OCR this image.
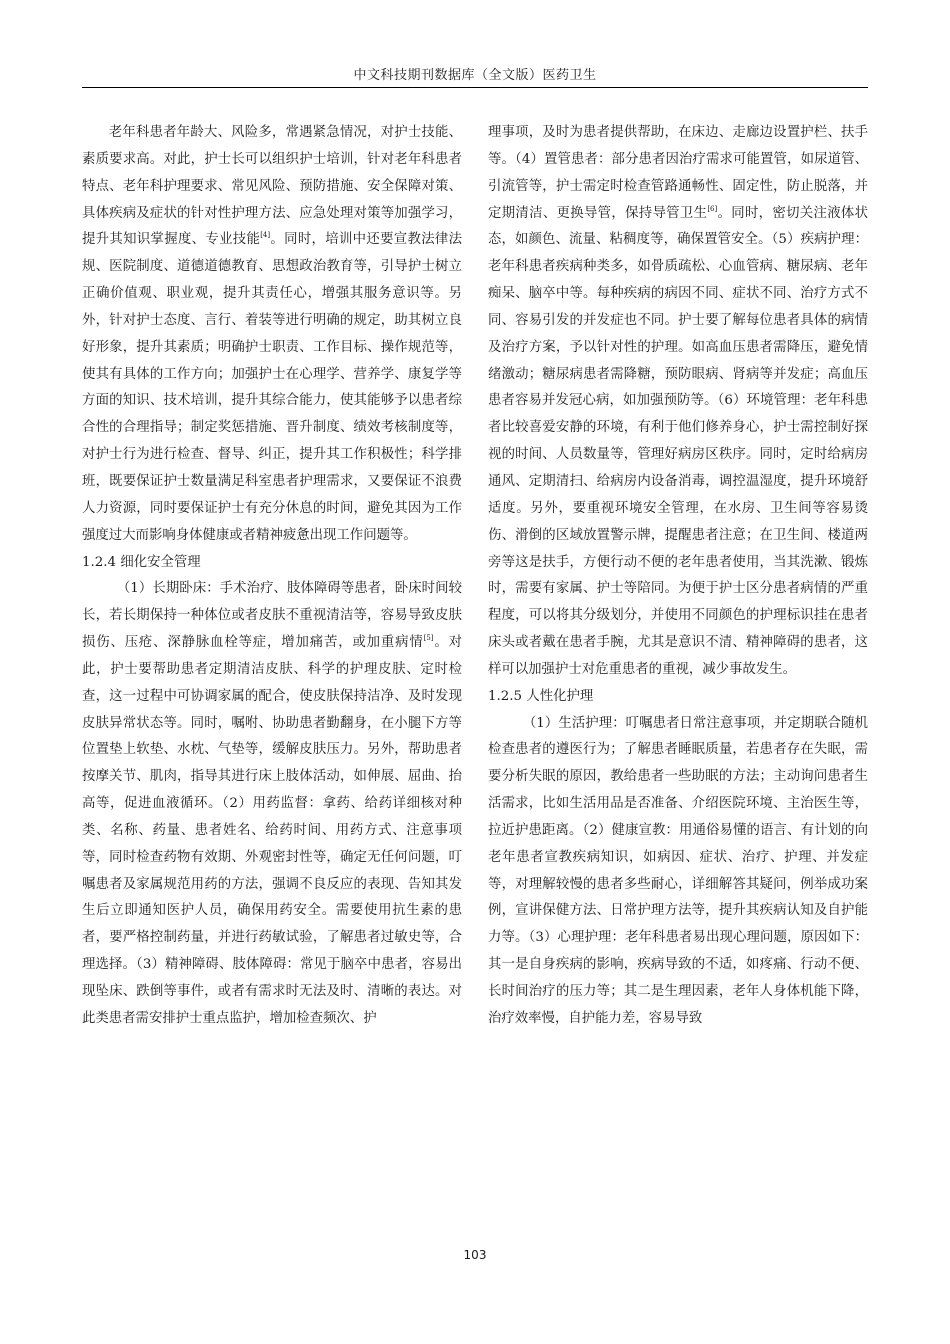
中文科技期刊数据库（全文版）医药卫生

老年科患者年龄大、风险多，常遇紧急情况，对护士技能、素质要求高。对此，护士长可以组织护士培训，针对老年科患者特点、老年科护理要求、常见风险、预防措施、安全保障对策、具体疾病及症状的针对性护理方法、应急处理对策等加强学习，提升其知识掌握度、专业技能[4]。同时，培训中还要宣教法律法规、医院制度、道德道德教育、思想政治教育等，引导护士树立正确价值观、职业观，提升其责任心，增强其服务意识等。另外，针对护士态度、言行、着装等进行明确的规定，助其树立良好形象，提升其素质；明确护士职责、工作目标、操作规范等，使其有具体的工作方向；加强护士在心理学、营养学、康复学等方面的知识、技术培训，提升其综合能力，使其能够予以患者综合性的合理指导；制定奖惩措施、晋升制度、绩效考核制度等，对护士行为进行检查、督导、纠正，提升其工作积极性；科学排班，既要保证护士数量满足科室患者护理需求，又要保证不浪费人力资源，同时要保证护士有充分休息的时间，避免其因为工作强度过大而影响身体健康或者精神疲惫出现工作问题等。

1.2.4 细化安全管理

（1）长期卧床：手术治疗、肢体障碍等患者，卧床时间较长，若长期保持一种体位或者皮肤不重视清洁等，容易导致皮肤损伤、压疮、深静脉血栓等症，增加痛苦，或加重病情[5]。对此，护士要帮助患者定期清洁皮肤、科学的护理皮肤、定时检查，这一过程中可协调家属的配合，使皮肤保持洁净、及时发现皮肤异常状态等。同时，嘱咐、协助患者勤翻身，在小腿下方等位置垫上软垫、水枕、气垫等，缓解皮肤压力。另外，帮助患者按摩关节、肌肉，指导其进行床上肢体活动，如伸展、屈曲、抬高等，促进血液循环。（2）用药监督：拿药、给药详细核对种类、名称、药量、患者姓名、给药时间、用药方式、注意事项等，同时检查药物有效期、外观密封性等，确定无任何问题，叮嘱患者及家属规范用药的方法，强调不良反应的表现、告知其发生后立即通知医护人员，确保用药安全。需要使用抗生素的患者，要严格控制药量，并进行药敏试验，了解患者过敏史等，合理选择。（3）精神障碍、肢体障碍：常见于脑卒中患者，容易出现坠床、跌倒等事件，或者有需求时无法及时、清晰的表达。对此类患者需安排护士重点监护，增加检查频次、护

理事项，及时为患者提供帮助，在床边、走廊边设置护栏、扶手等。（4）置管患者：部分患者因治疗需求可能置管，如尿道管、引流管等，护士需定时检查管路通畅性、固定性，防止脱落，并定期清洁、更换导管，保持导管卫生[6]。同时，密切关注液体状态，如颜色、流量、粘稠度等，确保置管安全。（5）疾病护理：老年科患者疾病种类多，如骨质疏松、心血管病、糖尿病、老年痴呆、脑卒中等。每种疾病的病因不同、症状不同、治疗方式不同、容易引发的并发症也不同。护士要了解每位患者具体的病情及治疗方案，予以针对性的护理。如高血压患者需降压，避免情绪激动；糖尿病患者需降糖，预防眼病、肾病等并发症；高血压患者容易并发冠心病，如加强预防等。（6）环境管理：老年科患者比较喜爱安静的环境，有利于他们修养身心，护士需控制好探视的时间、人员数量等，管理好病房区秩序。同时，定时给病房通风、定期清扫、给病房内设备消毒，调控温湿度，提升环境舒适度。另外，要重视环境安全管理，在水房、卫生间等容易烫伤、滑倒的区域放置警示牌，提醒患者注意；在卫生间、楼道两旁等这是扶手，方便行动不便的老年患者使用，当其洗漱、锻炼时，需要有家属、护士等陪同。为便于护士区分患者病情的严重程度，可以将其分级划分，并使用不同颜色的护理标识挂在患者床头或者戴在患者手腕，尤其是意识不清、精神障碍的患者，这样可以加强护士对危重患者的重视，减少事故发生。

1.2.5 人性化护理

（1）生活护理：叮嘱患者日常注意事项，并定期联合随机检查患者的遵医行为；了解患者睡眠质量，若患者存在失眠，需要分析失眠的原因，教给患者一些助眠的方法；主动询问患者生活需求，比如生活用品是否准备、介绍医院环境、主治医生等，拉近护患距离。（2）健康宣教：用通俗易懂的语言、有计划的向老年患者宣教疾病知识，如病因、症状、治疗、护理、并发症等，对理解较慢的患者多些耐心，详细解答其疑问，例举成功案例，宣讲保健方法、日常护理方法等，提升其疾病认知及自护能力等。（3）心理护理：老年科患者易出现心理问题，原因如下：其一是自身疾病的影响，疾病导致的不适，如疼痛、行动不便、长时间治疗的压力等；其二是生理因素，老年人身体机能下降，治疗效率慢，自护能力差，容易导致

103
